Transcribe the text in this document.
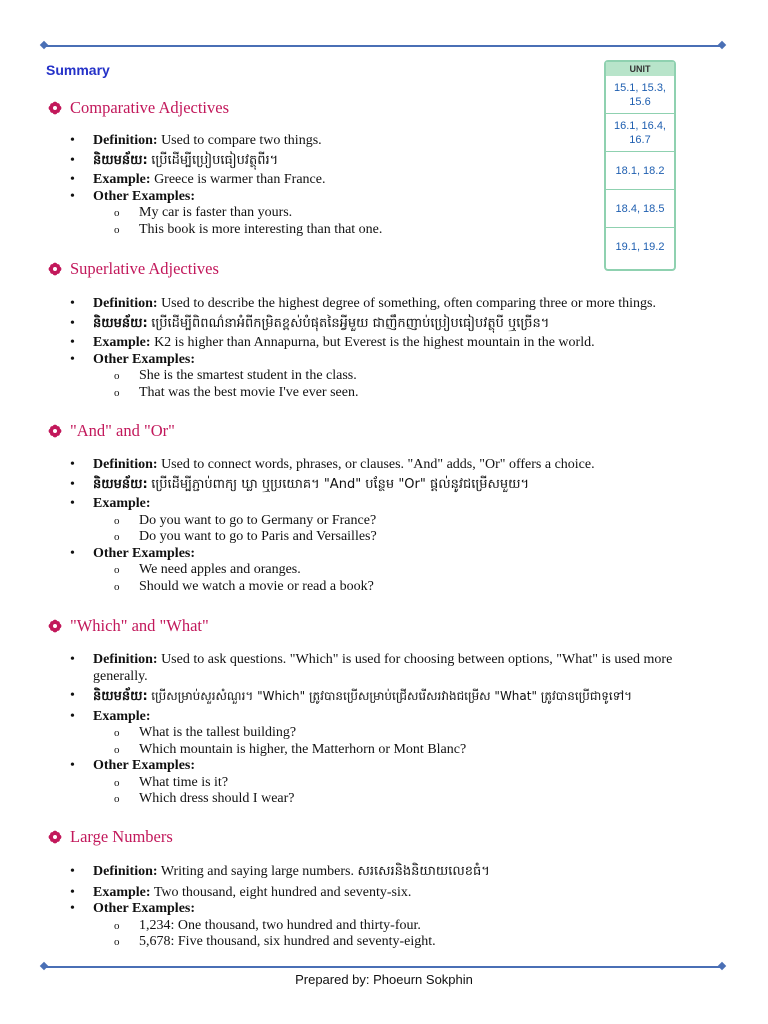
Summary	UNIT
15.1, 15.3, 15.6
16.1, 16.4, 16.7
18.1, 18.2
18.4, 18.5
19.1, 19.2
Comparative Adjectives
• Definition: Used to compare two things.
• និយមន័យ: ប្រើដើម្បីប្រៀបធៀបវត្ថុពីរ។
• Example: Greece is warmer than France.
• Other Examples:
o My car is faster than yours.
o This book is more interesting than that one.
Superlative Adjectives
• Definition: Used to describe the highest degree of something, often comparing three or more things.
• និយមន័យ: ប្រើដើម្បីពិពណ៌នាអំពីកម្រិតខ្ពស់បំផុតនៃអ្វីមួយ ជាញឹកញាប់ប្រៀបធៀបវត្ថុបី ឬច្រើន។
• Example: K2 is higher than Annapurna, but Everest is the highest mountain in the world.
• Other Examples:
o She is the smartest student in the class.
o That was the best movie I've ever seen.
"And" and "Or"
• Definition: Used to connect words, phrases, or clauses. "And" adds, "Or" offers a choice.
• និយមន័យ: ប្រើដើម្បីភ្ជាប់ពាក្យ ឃ្លា ឬប្រយោគ។ "And" បន្ថែម "Or" ផ្តល់នូវជម្រើសមួយ។
• Example:
o Do you want to go to Germany or France?
o Do you want to go to Paris and Versailles?
• Other Examples:
o We need apples and oranges.
o Should we watch a movie or read a book?
"Which" and "What"
• Definition: Used to ask questions. "Which" is used for choosing between options, "What" is used more generally.
• និយមន័យ: ប្រើសម្រាប់សួរសំណួរ។ "Which" ត្រូវបានប្រើសម្រាប់ជ្រើសរើសរវាងជម្រើស "What" ត្រូវបានប្រើជាទូទៅ។
• Example:
o What is the tallest building?
o Which mountain is higher, the Matterhorn or Mont Blanc?
• Other Examples:
o What time is it?
o Which dress should I wear?
Large Numbers
• Definition: Writing and saying large numbers. សរសេរនិងនិយាយលេខធំ។
• Example: Two thousand, eight hundred and seventy-six.
• Other Examples:
o 1,234: One thousand, two hundred and thirty-four.
o 5,678: Five thousand, six hundred and seventy-eight.
Prepared by: Phoeurn Sokphin
